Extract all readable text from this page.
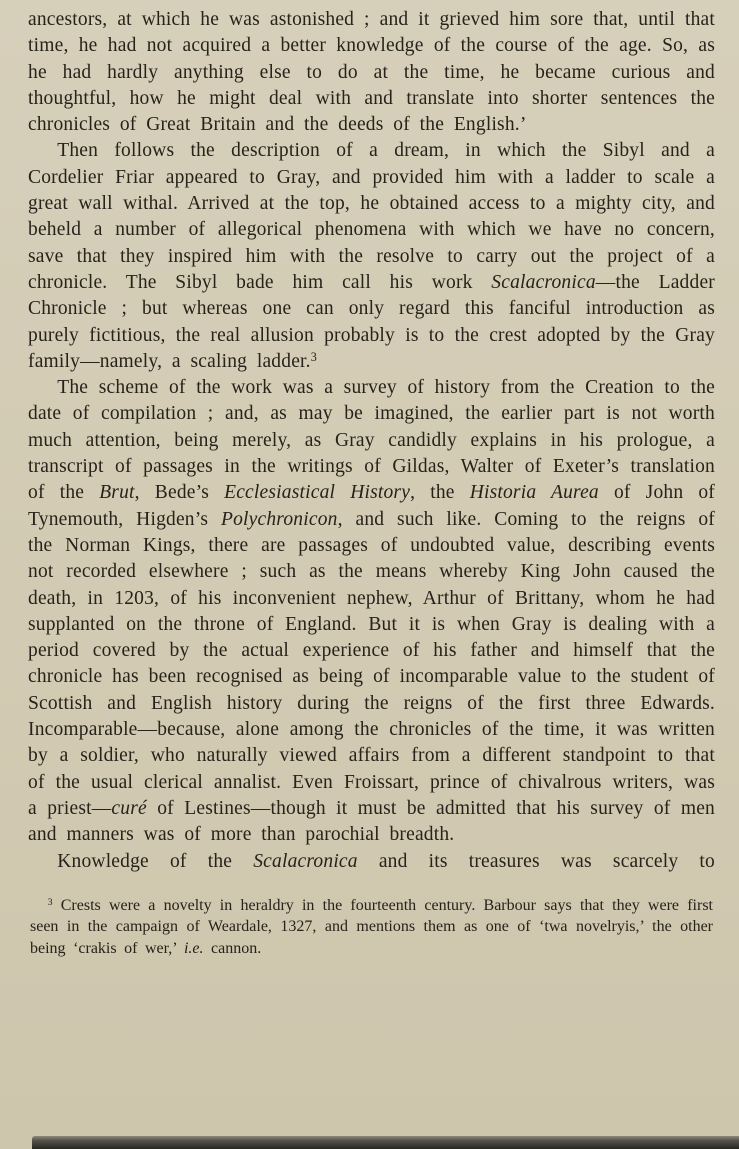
ancestors, at which he was astonished ; and it grieved him sore that, until that time, he had not acquired a better knowledge of the course of the age. So, as he had hardly anything else to do at the time, he became curious and thoughtful, how he might deal with and translate into shorter sentences the chronicles of Great Britain and the deeds of the English.’

Then follows the description of a dream, in which the Sibyl and a Cordelier Friar appeared to Gray, and provided him with a ladder to scale a great wall withal. Arrived at the top, he obtained access to a mighty city, and beheld a number of allegorical phenomena with which we have no concern, save that they inspired him with the resolve to carry out the project of a chronicle. The Sibyl bade him call his work Scalacronica—the Ladder Chronicle ; but whereas one can only regard this fanciful introduction as purely fictitious, the real allusion probably is to the crest adopted by the Gray family—namely, a scaling ladder.$^3$

The scheme of the work was a survey of history from the Creation to the date of compilation ; and, as may be imagined, the earlier part is not worth much attention, being merely, as Gray candidly explains in his prologue, a transcript of passages in the writings of Gildas, Walter of Exeter’s translation of the Brut, Bede’s Ecclesiastical History, the Historia Aurea of John of Tynemouth, Higden’s Polychronicon, and such like. Coming to the reigns of the Norman Kings, there are passages of undoubted value, describing events not recorded elsewhere ; such as the means whereby King John caused the death, in 1203, of his inconvenient nephew, Arthur of Brittany, whom he had supplanted on the throne of England. But it is when Gray is dealing with a period covered by the actual experience of his father and himself that the chronicle has been recognised as being of incomparable value to the student of Scottish and English history during the reigns of the first three Edwards. Incomparable—because, alone among the chronicles of the time, it was written by a soldier, who naturally viewed affairs from a different standpoint to that of the usual clerical annalist. Even Froissart, prince of chivalrous writers, was a priest—curé of Lestines—though it must be admitted that his survey of men and manners was of more than parochial breadth.

Knowledge of the Scalacronica and its treasures was scarcely to

$^3$ Crests were a novelty in heraldry in the fourteenth century. Barbour says that they were first seen in the campaign of Weardale, 1327, and mentions them as one of ‘twa novelryis,’ the other being ‘crakis of wer,’ i.e. cannon.
